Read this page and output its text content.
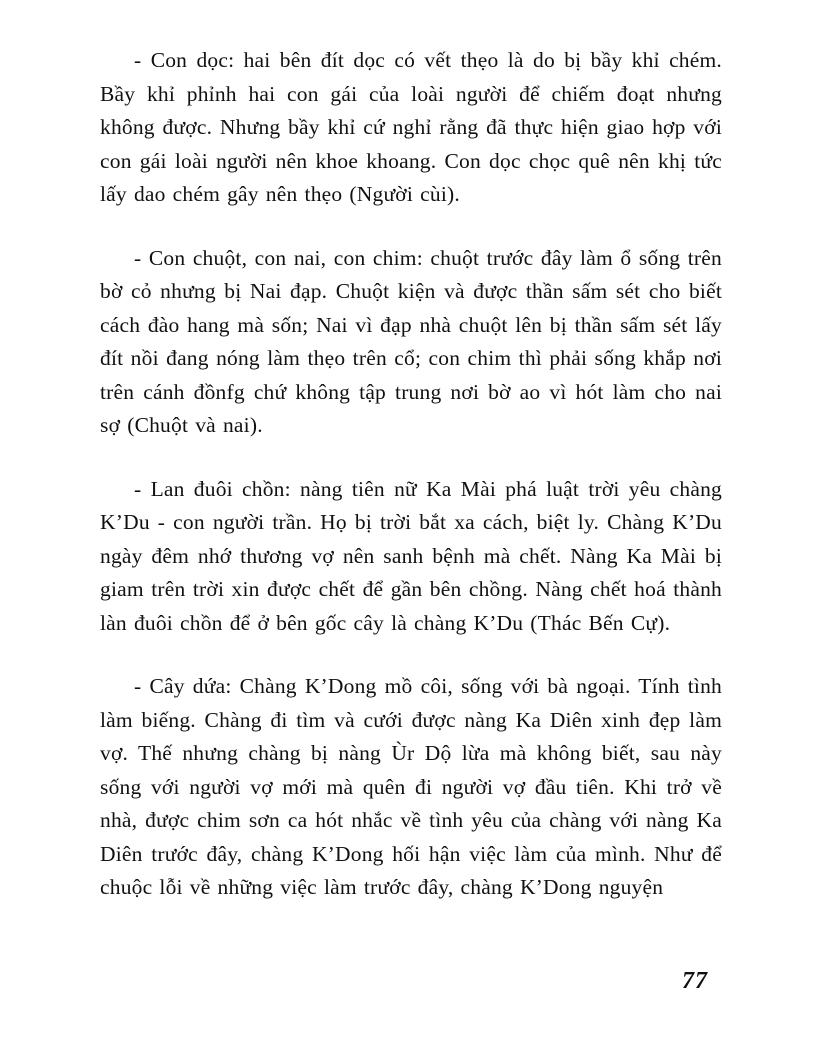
- Con dọc: hai bên đít dọc có vết thẹo là do bị bầy khỉ chém. Bầy khỉ phỉnh hai con gái của loài người để chiếm đoạt nhưng không được. Nhưng bầy khỉ cứ nghỉ rằng đã thực hiện giao hợp với con gái loài người nên khoe khoang. Con dọc chọc quê nên khị tức lấy dao chém gây nên thẹo (Người cùi).

- Con chuột, con nai, con chim: chuột trước đây làm ổ sống trên bờ cỏ nhưng bị Nai đạp. Chuột kiện và được thần sấm sét cho biết cách đào hang mà sốn; Nai vì đạp nhà chuột lên bị thần sấm sét lấy đít nồi đang nóng làm thẹo trên cổ; con chim thì phải sống khắp nơi trên cánh đồnfg chứ không tập trung nơi bờ ao vì hót làm cho nai sợ (Chuột và nai).

- Lan đuôi chồn: nàng tiên nữ Ka Mài phá luật trời yêu chàng K’Du - con người trần. Họ bị trời bắt xa cách, biệt ly. Chàng K’Du ngày đêm nhớ thương vợ nên sanh bệnh mà chết. Nàng Ka Mài bị giam trên trời xin được chết để gần bên chồng. Nàng chết hoá thành làn đuôi chồn để ở bên gốc cây là chàng K’Du (Thác Bến Cự).

- Cây dứa: Chàng K’Dong mồ côi, sống với bà ngoại. Tính tình làm biếng. Chàng đi tìm và cưới được nàng Ka Diên xinh đẹp làm vợ. Thế nhưng chàng bị nàng Ùr Dộ lừa mà không biết, sau này sống với người vợ mới mà quên đi người vợ đầu tiên. Khi trở về nhà, được chim sơn ca hót nhắc về tình yêu của chàng với nàng Ka Diên trước đây, chàng K’Dong hối hận việc làm của mình. Như để chuộc lỗi về những việc làm trước đây, chàng K’Dong nguyện

77
